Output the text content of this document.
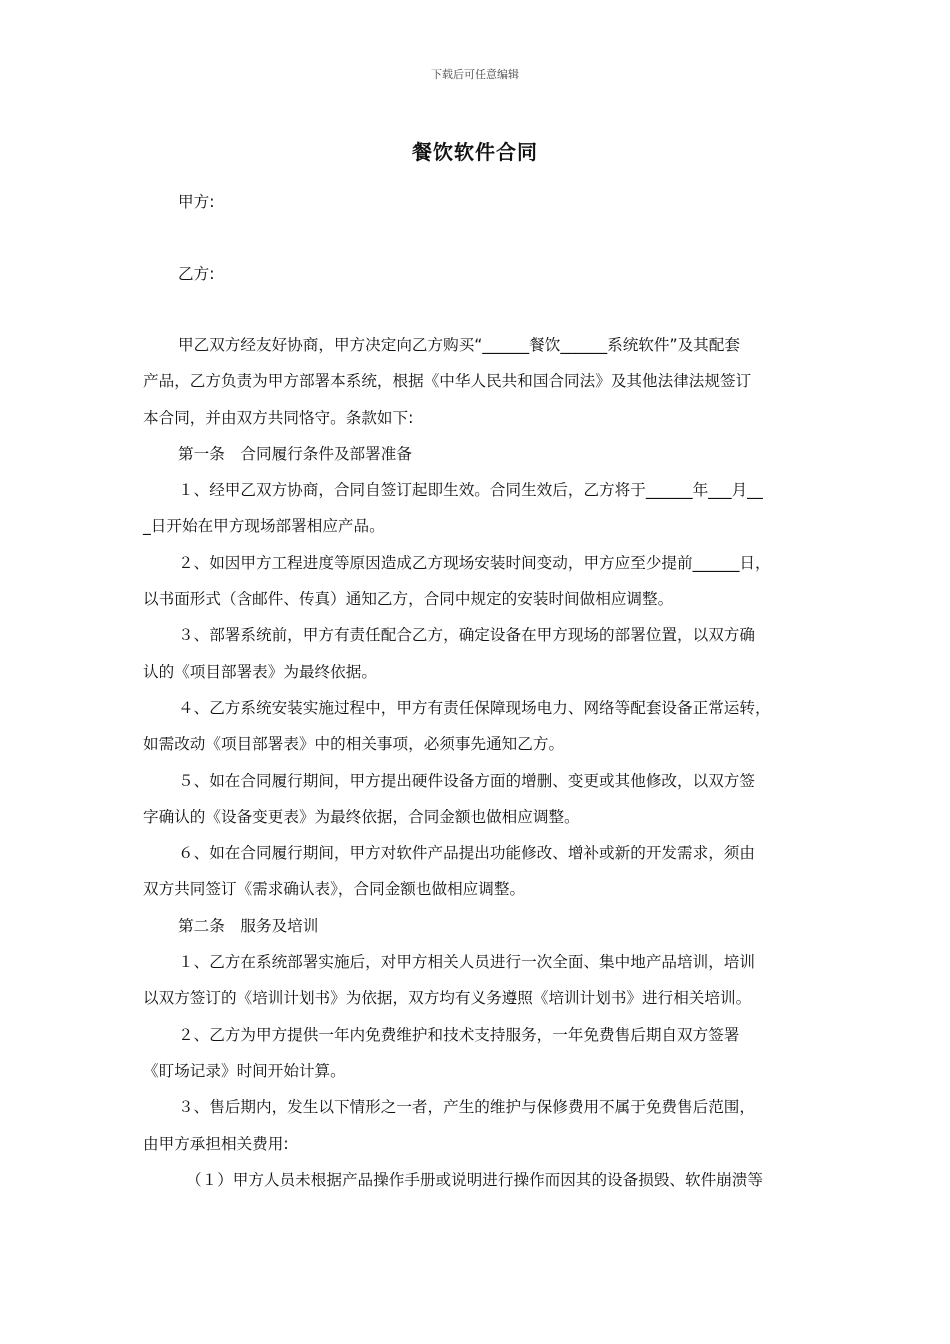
下载后可任意编辑
餐饮软件合同
甲方:
乙方:
甲乙双方经友好协商，甲方决定向乙方购买“______餐饮______系统软件”及其配套
产品，乙方负责为甲方部署本系统，根据《中华人民共和国合同法》及其他法律法规签订
本合同，并由双方共同恪守。条款如下:
第一条　合同履行条件及部署准备
１、经甲乙双方协商，合同自签订起即生效。合同生效后，乙方将于______年___月__
_日开始在甲方现场部署相应产品。
２、如因甲方工程进度等原因造成乙方现场安装时间变动，甲方应至少提前______日，
以书面形式（含邮件、传真）通知乙方，合同中规定的安装时间做相应调整。
３、部署系统前，甲方有责任配合乙方，确定设备在甲方现场的部署位置，以双方确
认的《项目部署表》为最终依据。
４、乙方系统安装实施过程中，甲方有责任保障现场电力、网络等配套设备正常运转，
如需改动《项目部署表》中的相关事项，必须事先通知乙方。
５、如在合同履行期间，甲方提出硬件设备方面的增删、变更或其他修改，以双方签
字确认的《设备变更表》为最终依据，合同金额也做相应调整。
６、如在合同履行期间，甲方对软件产品提出功能修改、增补或新的开发需求，须由
双方共同签订《需求确认表》，合同金额也做相应调整。
第二条　服务及培训
１、乙方在系统部署实施后，对甲方相关人员进行一次全面、集中地产品培训，培训
以双方签订的《培训计划书》为依据，双方均有义务遵照《培训计划书》进行相关培训。
２、乙方为甲方提供一年内免费维护和技术支持服务，一年免费售后期自双方签署
《盯场记录》时间开始计算。
３、售后期内，发生以下情形之一者，产生的维护与保修费用不属于免费售后范围，
由甲方承担相关费用:
（１）甲方人员未根据产品操作手册或说明进行操作而因其的设备损毁、软件崩溃等
